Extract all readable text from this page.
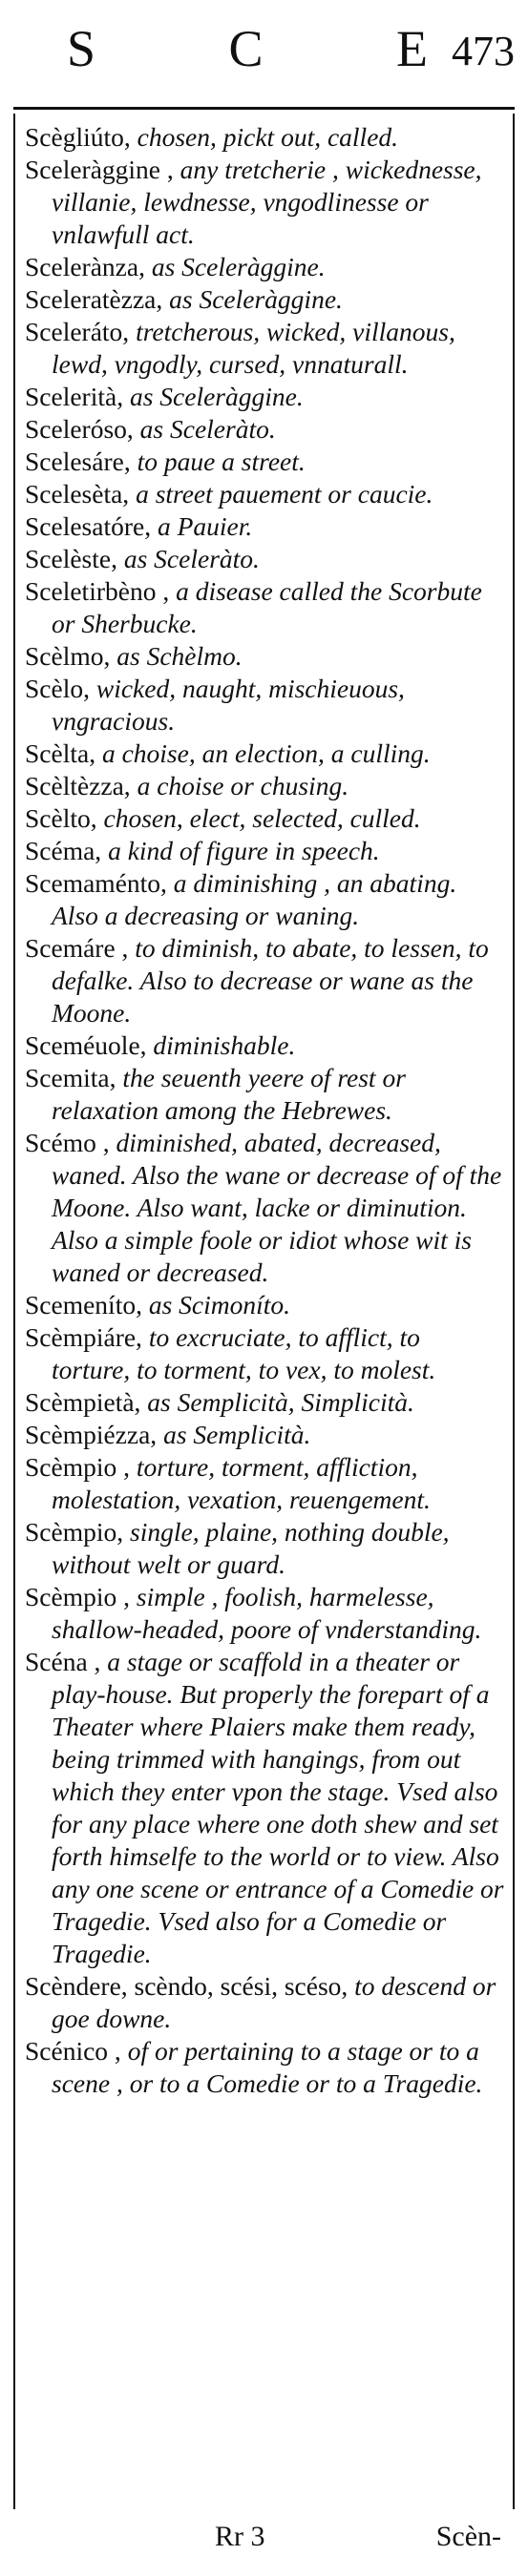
S	C	E 473
Scègliúto, chosen, pickt out, called.
Sceleràggine , any tretcherie , wickednesse, villanie, lewdnesse, vngodlinesse or vnlawfull act.
Scelerànza, as Sceleràggine.
Sceleratèzza, as Sceleràggine.
Sceleráto, tretcherous, wicked, villanous, lewd, vngodly, cursed, vnnaturall.
Scelerità, as Sceleràggine.
Sceleróso, as Sceleràto.
Scelesáre, to paue a street.
Scelesèta, a street pauement or caucie.
Scelesatóre, a Pauier.
Scelèste, as Sceleràto.
Sceletirbèno , a disease called the Scorbute or Sherbucke.
Scèlmo, as Schèlmo.
Scèlo, wicked, naught, mischieuous, vngracious.
Scèlta, a choise, an election, a culling.
Scèltèzza, a choise or chusing.
Scèlto, chosen, elect, selected, culled.
Scéma, a kind of figure in speech.
Scemaménto, a diminishing , an abating. Also a decreasing or waning.
Scemáre , to diminish, to abate, to lessen, to defalke. Also to decrease or wane as the Moone.
Sceméuole, diminishable.
Scemita, the seuenth yeere of rest or relaxation among the Hebrewes.
Scémo , diminished, abated, decreased, waned. Also the wane or decrease of of the Moone. Also want, lacke or diminution. Also a simple foole or idiot whose wit is waned or decreased.
Scemeníto, as Scimoníto.
Scèmpiáre, to excruciate, to afflict, to torture, to torment, to vex, to molest.
Scèmpietà, as Semplicità, Simplicità.
Scèmpiézza, as Semplicità.
Scèmpio , torture, torment, affliction, molestation, vexation, reuengement.
Scèmpio, single, plaine, nothing double, without welt or guard.
Scèmpio , simple , foolish, harmelesse, shallow-headed, poore of vnderstanding.
Scéna , a stage or scaffold in a theater or play-house. But properly the forepart of a Theater where Plaiers make them ready, being trimmed with hangings, from out which they enter vpon the stage. Vsed also for any place where one doth shew and set forth himselfe to the world or to view. Also any one scene or entrance of a Comedie or Tragedie. Vsed also for a Comedie or Tragedie.
Scèndere, scèndo, scési, scéso, to descend or goe downe.
Scénico , of or pertaining to a stage or to a scene , or to a Comedie or to a Tragedie.
Rr 3	Scèn-
